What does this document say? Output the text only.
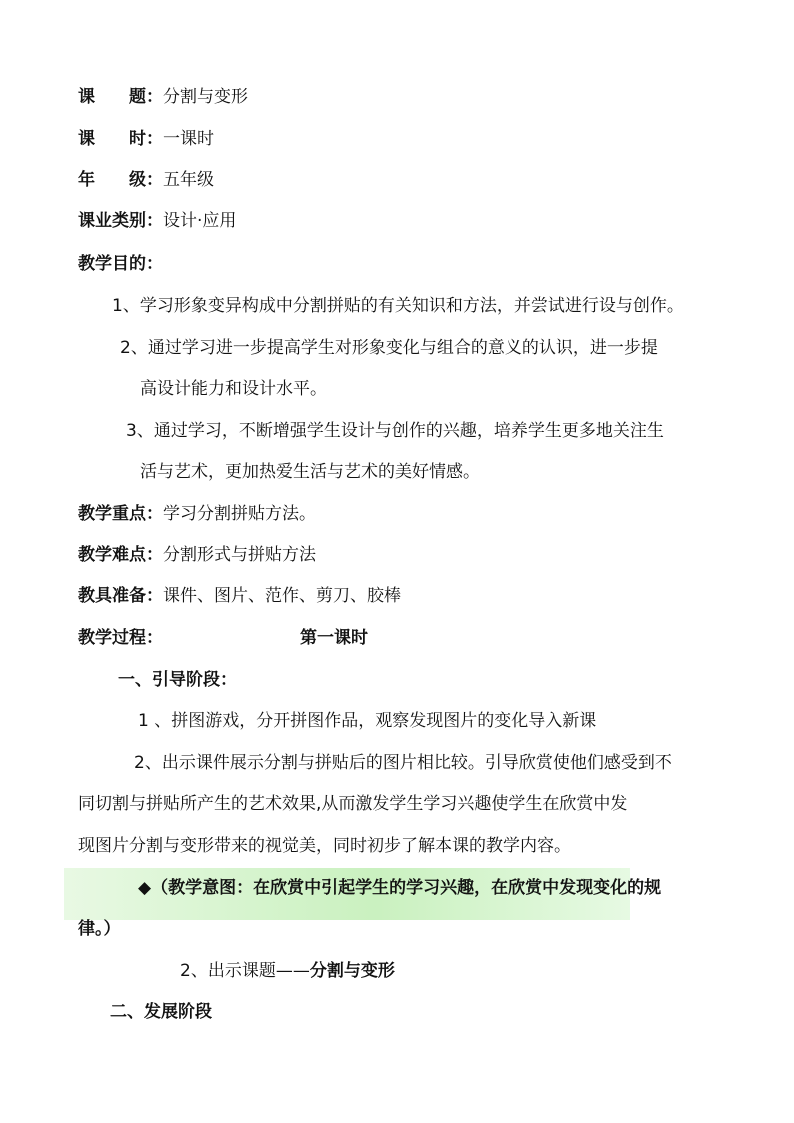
课　　题：分割与变形
课　　时：一课时
年　　级：五年级
课业类别：设计·应用
教学目的：
1、学习形象变异构成中分割拼贴的有关知识和方法，并尝试进行设与创作。
2、通过学习进一步提高学生对形象变化与组合的意义的认识，进一步提
高设计能力和设计水平。
3、通过学习，不断增强学生设计与创作的兴趣，培养学生更多地关注生
活与艺术，更加热爱生活与艺术的美好情感。
教学重点：学习分割拼贴方法。
教学难点：分割形式与拼贴方法
教具准备：课件、图片、范作、剪刀、胶棒
教学过程：	第一课时
一、引导阶段：
1 、拼图游戏，分开拼图作品，观察发现图片的变化导入新课
2、出示课件展示分割与拼贴后的图片相比较。引导欣赏使他们感受到不
同切割与拼贴所产生的艺术效果,从而激发学生学习兴趣使学生在欣赏中发
现图片分割与变形带来的视觉美，同时初步了解本课的教学内容。
◆（教学意图：在欣赏中引起学生的学习兴趣，在欣赏中发现变化的规
律。）
2、出示课题——分割与变形
二、发展阶段
